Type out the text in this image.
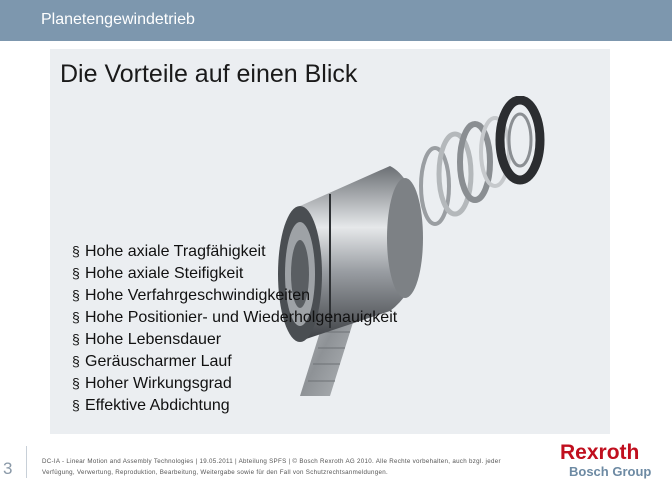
Planetengewindetrieb
Die Vorteile auf einen Blick
§ Hohe axiale Tragfähigkeit
§ Hohe axiale Steifigkeit
§ Hohe Verfahrgeschwindigkeiten
§ Hohe Positionier- und Wiederholgenauigkeit
§ Hohe Lebensdauer
§ Geräuscharmer Lauf
§ Hoher Wirkungsgrad
§ Effektive Abdichtung
3	DC-IA - Linear Motion and Assembly Technologies | 19.05.2011 | Abteilung SPFS | © Bosch Rexroth AG 2010. Alle Rechte vorbehalten, auch bzgl. jeder
Verfügung, Verwertung, Reproduktion, Bearbeitung, Weitergabe sowie für den Fall von Schutzrechtsanmeldungen.
Rexroth
Bosch Group
